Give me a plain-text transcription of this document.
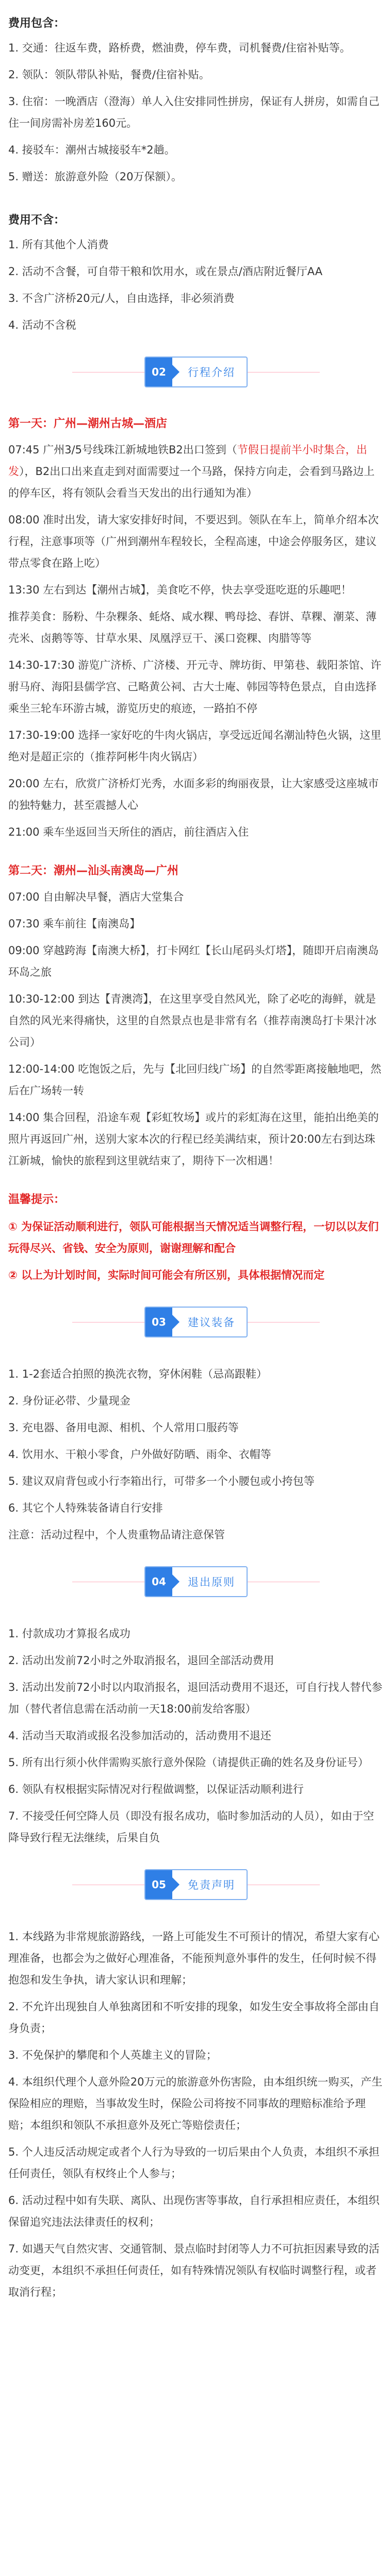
费用包含：
1. 交通：往返车费，路桥费，燃油费，停车费，司机餐费/住宿补贴等。
2. 领队：领队带队补贴，餐费/住宿补贴。
3. 住宿：一晚酒店（澄海）单人入住安排同性拼房，保证有人拼房，如需自己住一间房需补房差160元。
4. 接驳车：潮州古城接驳车*2趟。
5. 赠送：旅游意外险（20万保额）。
费用不含：
1. 所有其他个人消费
2. 活动不含餐，可自带干粮和饮用水，或在景点/酒店附近餐厅AA
3. 不含广济桥20元/人，自由选择，非必须消费
4. 活动不含税
02	行程介绍
第一天：广州—潮州古城—酒店
07:45 广州3/5号线珠江新城地铁B2出口签到（节假日提前半小时集合，出发），B2出口出来直走到对面需要过一个马路，保持方向走，会看到马路边上的停车区，将有领队会看当天发出的出行通知为准）
08:00 准时出发，请大家安排好时间，不要迟到。领队在车上，简单介绍本次行程，注意事项等（广州到潮州车程较长，全程高速，中途会停服务区，建议带点零食在路上吃）
13:30 左右到达【潮州古城】，美食吃不停，快去享受逛吃逛的乐趣吧！
推荐美食：肠粉、牛杂粿条、蚝烙、咸水粿、鸭母捻、春饼、草粿、潮菜、薄壳米、卤鹅等等、甘草水果、凤凰浮豆干、溪口瓷粿、肉腊等等
14:30-17:30 游览广济桥、广济楼、开元寺、牌坊街、甲第巷、载阳茶馆、许驸马府、海阳县儒学宫、己略黄公祠、古大士庵、韩园等特色景点，自由选择乘坐三轮车环游古城，游览历史的痕迹，一路拍不停
17:30-19:00 选择一家好吃的牛肉火锅店，享受远近闻名潮汕特色火锅，这里绝对是超正宗的（推荐阿彬牛肉火锅店）
20:00 左右，欣赏广济桥灯光秀，水面多彩的绚丽夜景，让大家感受这座城市的独特魅力，甚至震撼人心
21:00 乘车坐返回当天所住的酒店，前往酒店入住
第二天：潮州—汕头南澳岛—广州
07:00 自由解决早餐，酒店大堂集合
07:30 乘车前往【南澳岛】
09:00 穿越跨海【南澳大桥】，打卡网红【长山尾码头灯塔】，随即开启南澳岛环岛之旅
10:30-12:00 到达【青澳湾】，在这里享受自然风光，除了必吃的海鲜，就是自然的风光来得痛快，这里的自然景点也是非常有名（推荐南澳岛打卡果汁冰公司）
12:00-14:00 吃饱饭之后，先与【北回归线广场】的自然零距离接触地吧，然后在广场转一转
14:00 集合回程，沿途车观【彩虹牧场】或片的彩虹海在这里，能拍出绝美的照片再返回广州，送别大家本次的行程已经美满结束，预计20:00左右到达珠江新城，愉快的旅程到这里就结束了，期待下一次相遇！
温馨提示：
① 为保证活动顺利进行，领队可能根据当天情况适当调整行程，一切以以友们玩得尽兴、省钱、安全为原则，谢谢理解和配合
② 以上为计划时间，实际时间可能会有所区别，具体根据情况而定
03	建议装备
1. 1-2套适合拍照的换洗衣物，穿休闲鞋（忌高跟鞋）
2. 身份证必带、少量现金
3. 充电器、备用电源、相机、个人常用口服药等
4. 饮用水、干粮小零食，户外做好防晒、雨伞、衣帽等
5. 建议双肩背包或小行李箱出行，可带多一个小腰包或小挎包等
6. 其它个人特殊装备请自行安排
注意：活动过程中，个人贵重物品请注意保管
04	退出原则
1. 付款成功才算报名成功
2. 活动出发前72小时之外取消报名，退回全部活动费用
3. 活动出发前72小时以内取消报名，退回活动费用不退还，可自行找人替代参加（替代者信息需在活动前一天18:00前发给客服）
4. 活动当天取消或报名没参加活动的，活动费用不退还
5. 所有出行须小伙伴需购买旅行意外保险（请提供正确的姓名及身份证号）
6. 领队有权根据实际情况对行程做调整，以保证活动顺利进行
7. 不接受任何空降人员（即没有报名成功，临时参加活动的人员），如由于空降导致行程无法继续，后果自负
05	免责声明
1. 本线路为非常规旅游路线，一路上可能发生不可预计的情况，希望大家有心理准备，也都会为之做好心理准备，不能预判意外事件的发生，任何时候不得抱怨和发生争执，请大家认识和理解；
2. 不允许出现独自人单独离团和不听安排的现象，如发生安全事故将全部由自身负责；
3. 不免保护的攀爬和个人英雄主义的冒险；
4. 本组织代理个人意外险20万元的旅游意外伤害险，由本组织统一购买，产生保险相应的理赔，当事故发生时，保险公司将按不同事故的理赔标准给予理赔；本组织和领队不承担意外及死亡等赔偿责任；
5. 个人违反活动规定或者个人行为导致的一切后果由个人负责，本组织不承担任何责任，领队有权终止个人参与；
6. 活动过程中如有失联、离队、出现伤害等事故，自行承担相应责任，本组织保留追究违法法律责任的权利；
7. 如遇天气自然灾害、交通管制、景点临时封闭等人力不可抗拒因素导致的活动变更，本组织不承担任何责任，如有特殊情况领队有权临时调整行程，或者取消行程；
